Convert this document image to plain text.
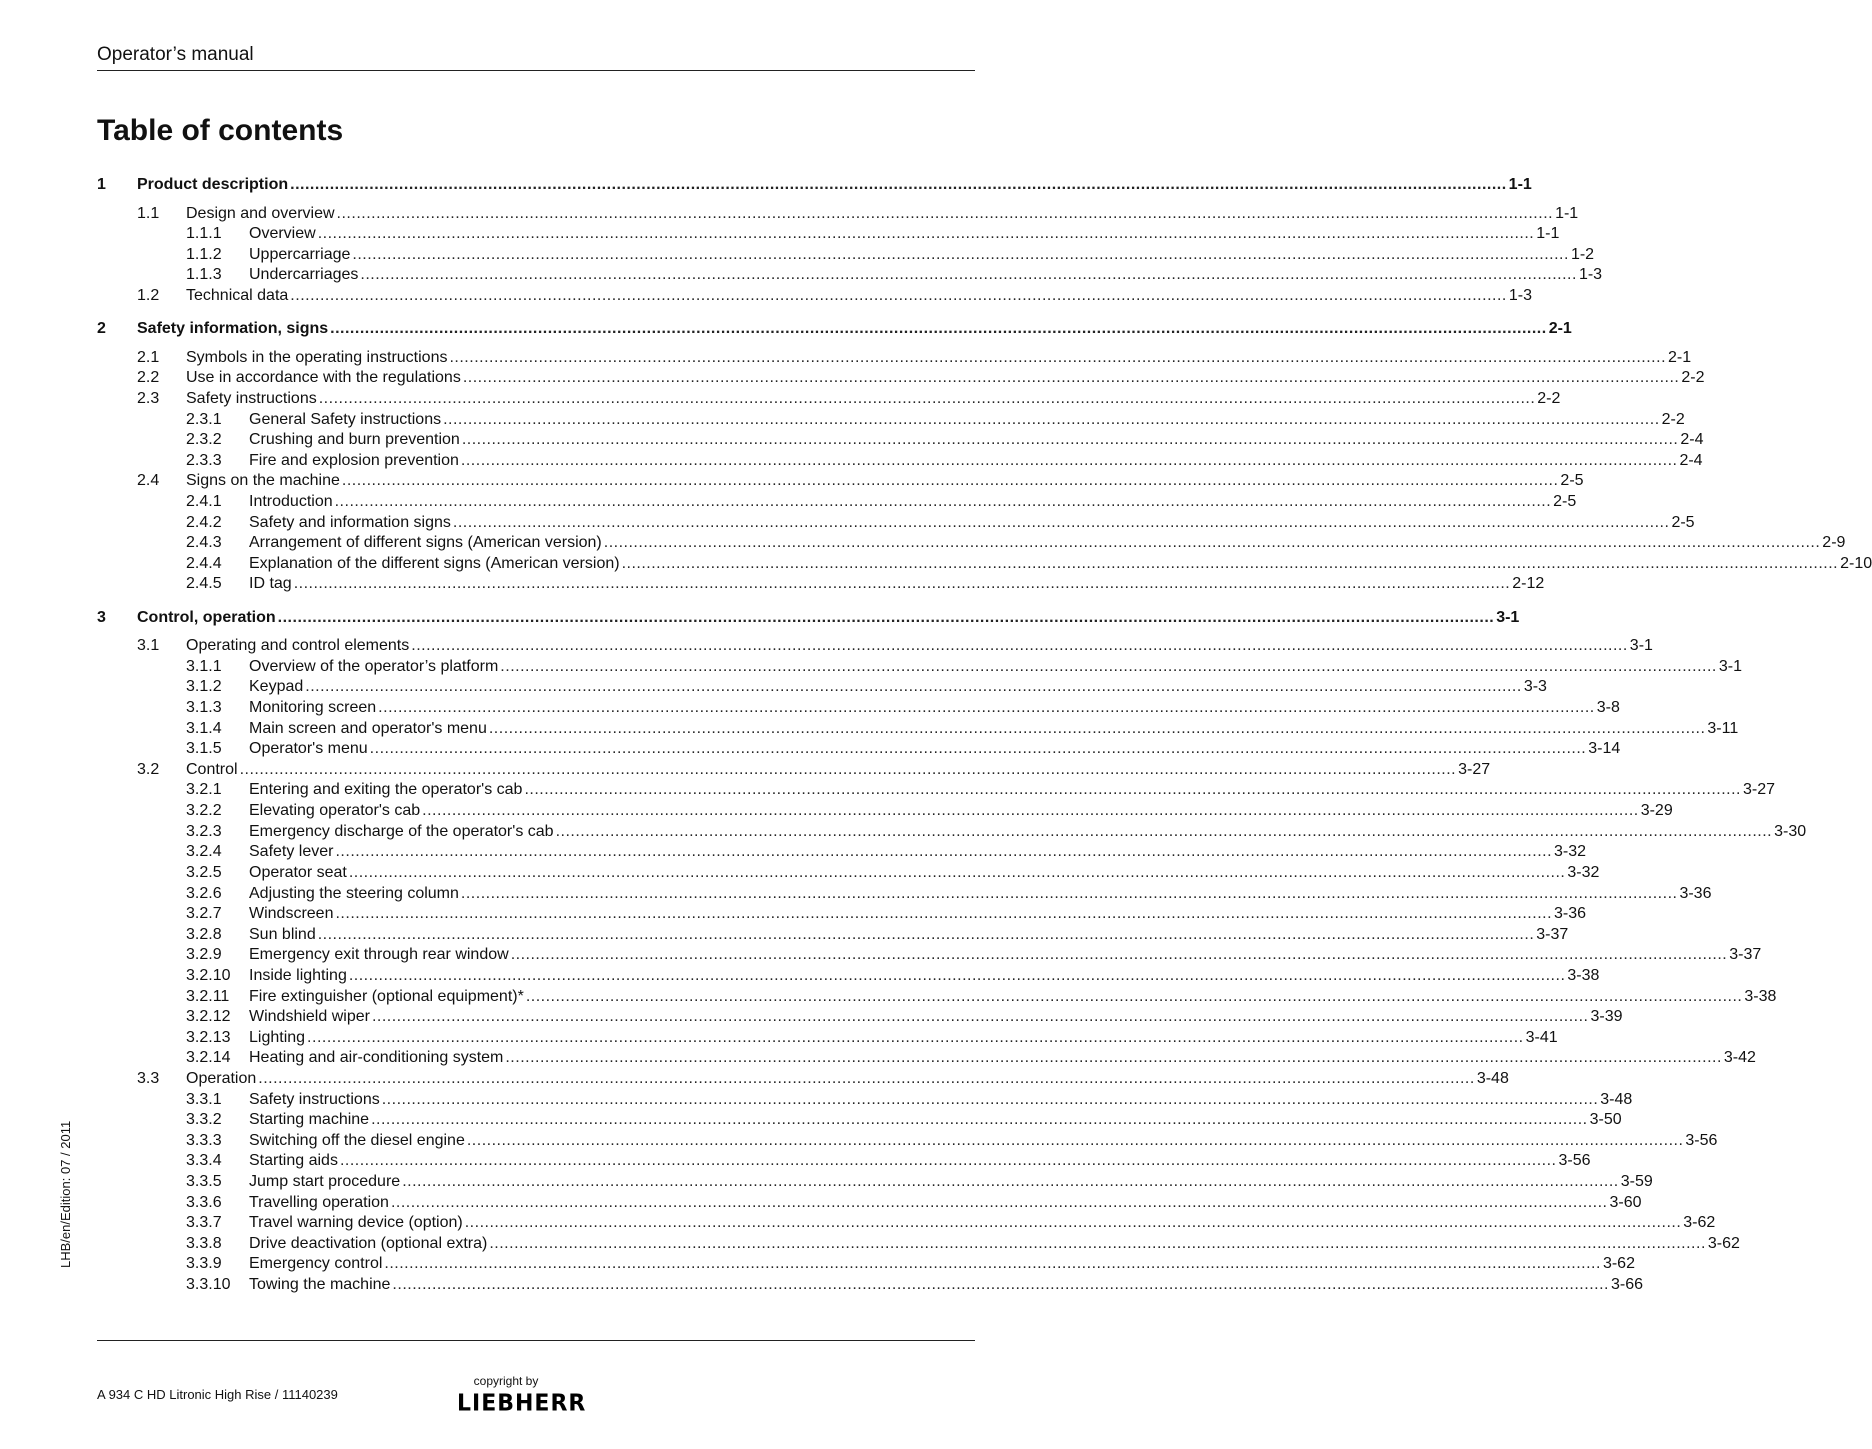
Operator’s manual
Table of contents
1 Product description .....	1-1
1.1 Design and overview .....	1-1
1.1.1 Overview .....	1-1
1.1.2 Uppercarriage .....	1-2
1.1.3 Undercarriages .....	1-3
1.2 Technical data .....	1-3
2 Safety information, signs .....	2-1
2.1 Symbols in the operating instructions .....	2-1
2.2 Use in accordance with the regulations .....	2-2
2.3 Safety instructions .....	2-2
2.3.1 General Safety instructions .....	2-2
2.3.2 Crushing and burn prevention .....	2-4
2.3.3 Fire and explosion prevention .....	2-4
2.4 Signs on the machine .....	2-5
2.4.1 Introduction .....	2-5
2.4.2 Safety and information signs .....	2-5
2.4.3 Arrangement of different signs (American version) .....	2-9
2.4.4 Explanation of the different signs (American version) .....	2-10
2.4.5 ID tag .....	2-12
3 Control, operation .....	3-1
3.1 Operating and control elements .....	3-1
3.1.1 Overview of the operator’s platform .....	3-1
3.1.2 Keypad .....	3-3
3.1.3 Monitoring screen .....	3-8
3.1.4 Main screen and operator's menu .....	3-11
3.1.5 Operator's menu .....	3-14
3.2 Control .....	3-27
3.2.1 Entering and exiting the operator's cab .....	3-27
3.2.2 Elevating operator's cab .....	3-29
3.2.3 Emergency discharge of the operator's cab .....	3-30
3.2.4 Safety lever .....	3-32
3.2.5 Operator seat .....	3-32
3.2.6 Adjusting the steering column .....	3-36
3.2.7 Windscreen .....	3-36
3.2.8 Sun blind .....	3-37
3.2.9 Emergency exit through rear window .....	3-37
3.2.10 Inside lighting .....	3-38
3.2.11 Fire extinguisher (optional equipment)* .....	3-38
3.2.12 Windshield wiper .....	3-39
3.2.13 Lighting .....	3-41
3.2.14 Heating and air-conditioning system .....	3-42
3.3 Operation .....	3-48
3.3.1 Safety instructions .....	3-48
3.3.2 Starting machine .....	3-50
3.3.3 Switching off the diesel engine .....	3-56
3.3.4 Starting aids .....	3-56
3.3.5 Jump start procedure .....	3-59
3.3.6 Travelling operation .....	3-60
3.3.7 Travel warning device (option) .....	3-62
3.3.8 Drive deactivation (optional extra) .....	3-62
3.3.9 Emergency control .....	3-62
3.3.10 Towing the machine .....	3-66
LHB/en/Edition: 07 / 2011
A 934 C HD Litronic High Rise / 11140239
copyright by
LIEBHERR
